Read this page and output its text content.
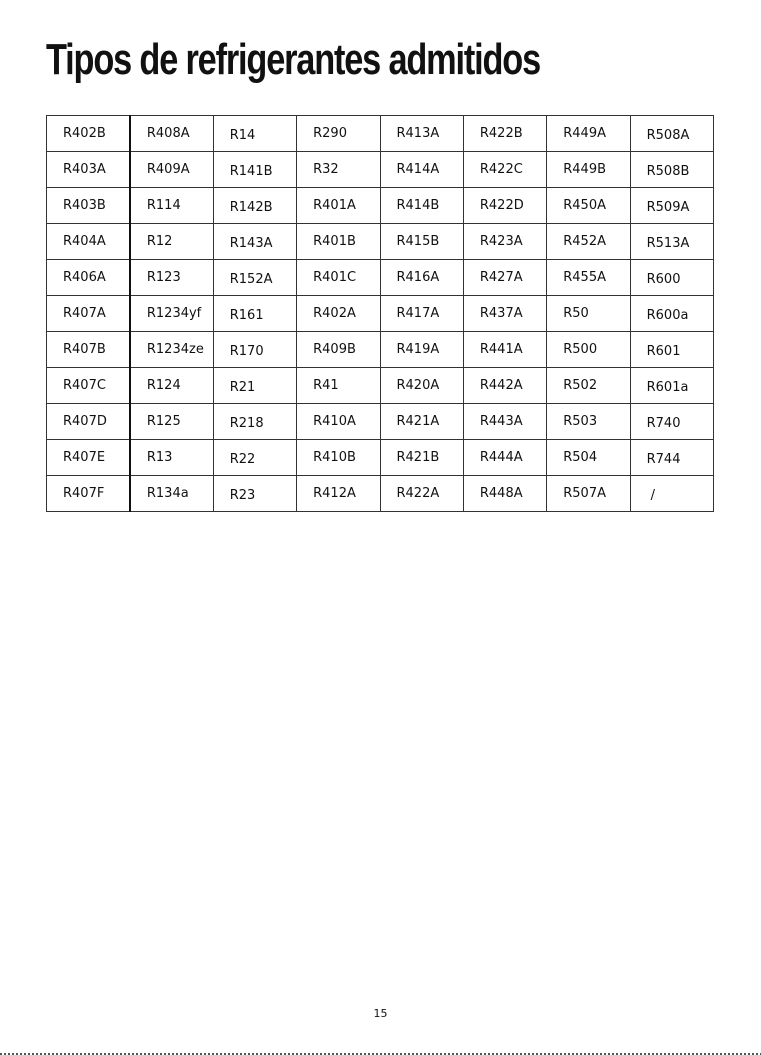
Tipos de refrigerantes admitidos
R402B	R408A	R14	R290	R413A	R422B	R449A	R508A
R403A	R409A	R141B	R32	R414A	R422C	R449B	R508B
R403B	R114	R142B	R401A	R414B	R422D	R450A	R509A
R404A	R12	R143A	R401B	R415B	R423A	R452A	R513A
R406A	R123	R152A	R401C	R416A	R427A	R455A	R600
R407A	R1234yf	R161	R402A	R417A	R437A	R50	R600a
R407B	R1234ze	R170	R409B	R419A	R441A	R500	R601
R407C	R124	R21	R41	R420A	R442A	R502	R601a
R407D	R125	R218	R410A	R421A	R443A	R503	R740
R407E	R13	R22	R410B	R421B	R444A	R504	R744
R407F	R134a	R23	R412A	R422A	R448A	R507A	/
15
